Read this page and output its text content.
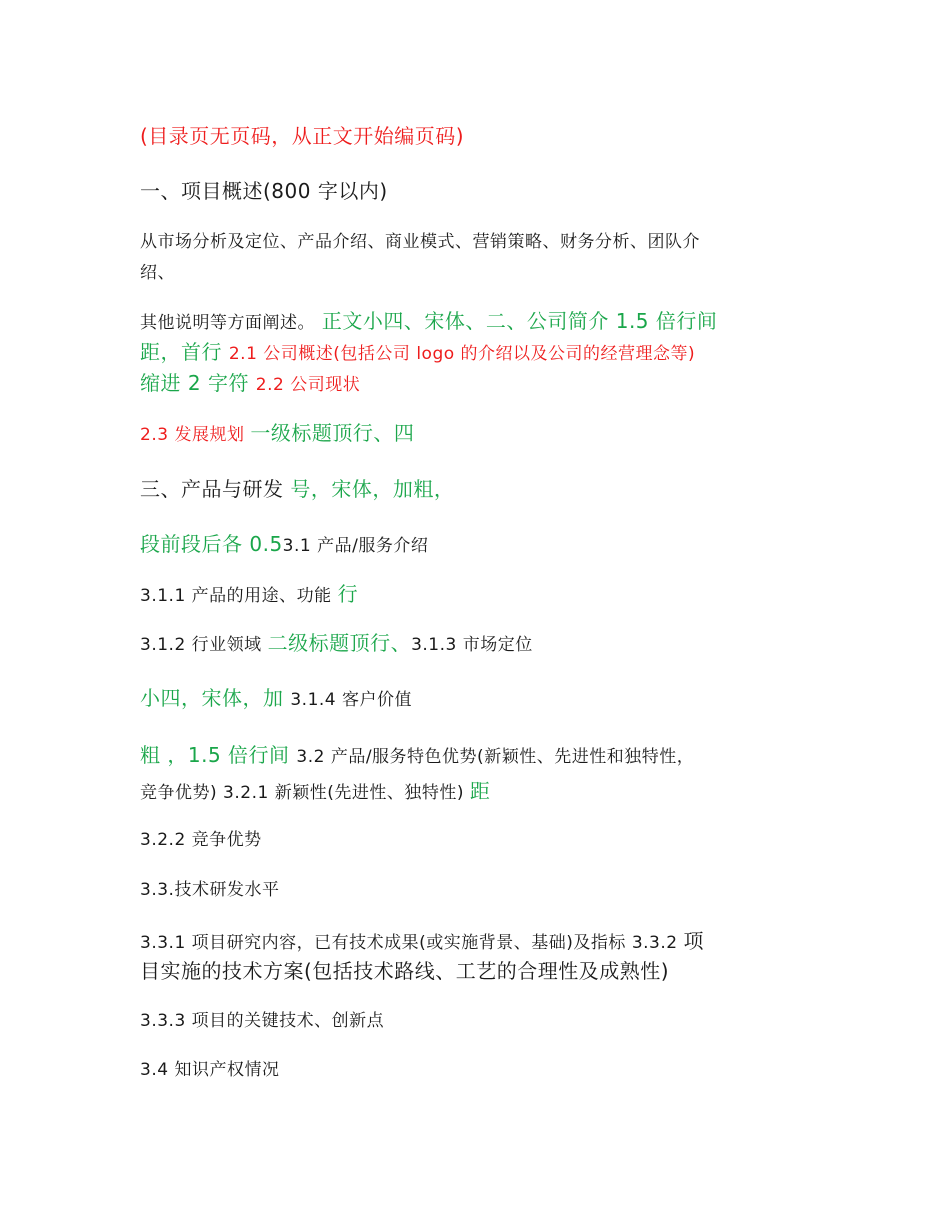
(目录页无页码，从正文开始编页码)
一、项目概述(800 字以内)
从市场分析及定位、产品介绍、商业模式、营销策略、财务分析、团队介
绍、
其他说明等方面阐述。 正文小四、宋体、二、公司简介 1.5 倍行间
距，首行 2.1 公司概述(包括公司 logo 的介绍以及公司的经营理念等)
缩进 2 字符 2.2 公司现状
2.3 发展规划 一级标题顶行、四
三、产品与研发 号，宋体，加粗，
段前段后各 0.53.1 产品/服务介绍
3.1.1 产品的用途、功能 行
3.1.2 行业领域 二级标题顶行、3.1.3 市场定位
小四，宋体，加 3.1.4 客户价值
粗 ，1.5 倍行间 3.2 产品/服务特色优势(新颖性、先进性和独特性，
竞争优势) 3.2.1 新颖性(先进性、独特性) 距
3.2.2 竞争优势
3.3.技术研发水平
3.3.1 项目研究内容，已有技术成果(或实施背景、基础)及指标 3.3.2 项
目实施的技术方案(包括技术路线、工艺的合理性及成熟性)
3.3.3 项目的关键技术、创新点
3.4 知识产权情况
